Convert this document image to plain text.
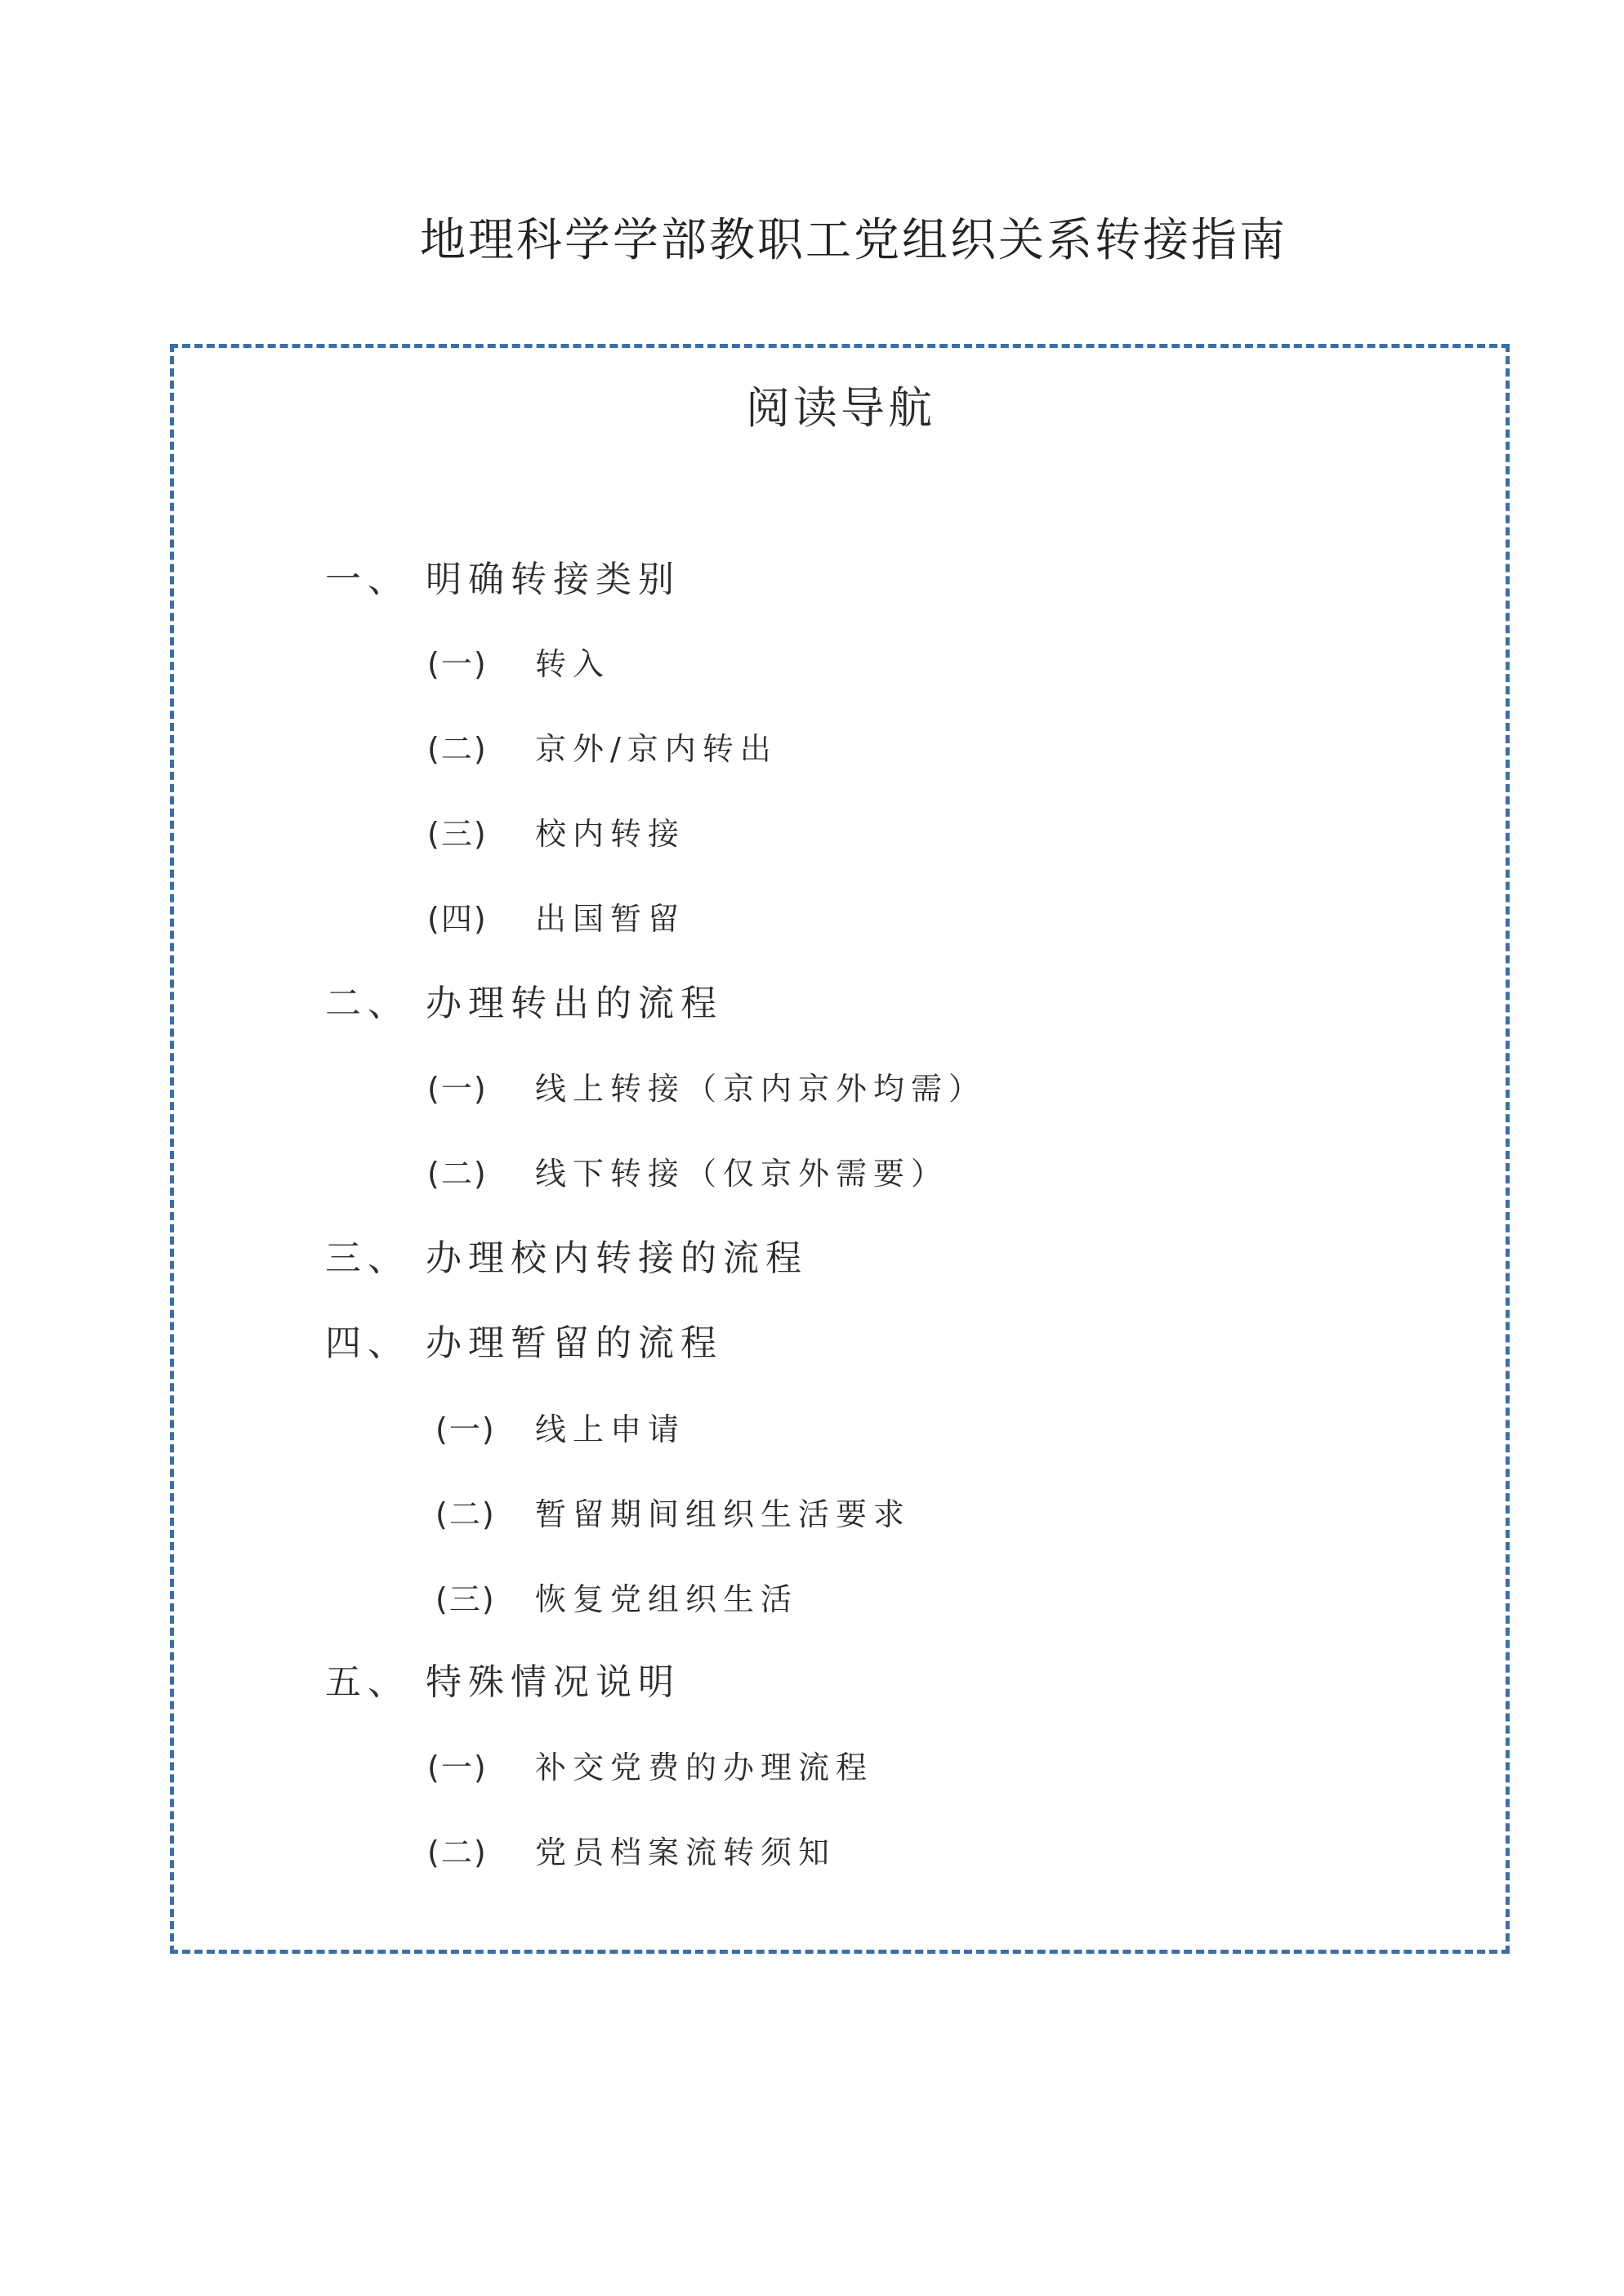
地理科学学部教职工党组织关系转接指南
阅读导航
一、 明确转接类别
(一) 转入
(二) 京外/京内转出
(三) 校内转接
(四) 出国暂留
二、 办理转出的流程
(一) 线上转接（京内京外均需）
(二) 线下转接（仅京外需要）
三、 办理校内转接的流程
四、 办理暂留的流程
(一) 线上申请
(二) 暂留期间组织生活要求
(三) 恢复党组织生活
五、 特殊情况说明
(一) 补交党费的办理流程
(二) 党员档案流转须知
